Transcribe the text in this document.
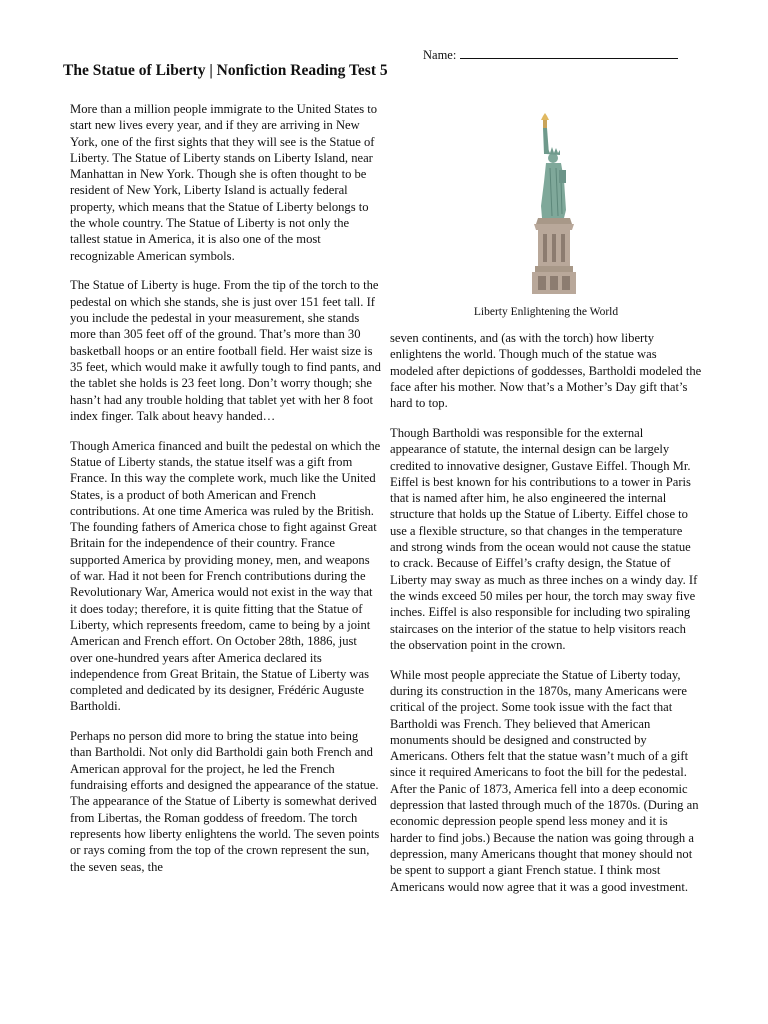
Name:
The Statue of Liberty | Nonfiction Reading Test 5

More than a million people immigrate to the United States to start new lives every year, and if they are arriving in New York, one of the first sights that they will see is the Statue of Liberty. The Statue of Liberty stands on Liberty Island, near Manhattan in New York. Though she is often thought to be resident of New York, Liberty Island is actually federal property, which means that the Statue of Liberty belongs to the whole country. The Statue of Liberty is not only the tallest statue in America, it is also one of the most recognizable American symbols.

The Statue of Liberty is huge. From the tip of the torch to the pedestal on which she stands, she is just over 151 feet tall. If you include the pedestal in your measurement, she stands more than 305 feet off of the ground. That’s more than 30 basketball hoops or an entire football field. Her waist size is 35 feet, which would make it awfully tough to find pants, and the tablet she holds is 23 feet long. Don’t worry though; she hasn’t had any trouble holding that tablet yet with her 8 foot index finger. Talk about heavy handed…

Though America financed and built the pedestal on which the Statue of Liberty stands, the statue itself was a gift from France. In this way the complete work, much like the United States, is a product of both American and French contributions. At one time America was ruled by the British. The founding fathers of America chose to fight against Great Britain for the independence of their country. France supported America by providing money, men, and weapons of war. Had it not been for French contributions during the Revolutionary War, America would not exist in the way that it does today; therefore, it is quite fitting that the Statue of Liberty, which represents freedom, came to being by a joint American and French effort. On October 28th, 1886, just over one-hundred years after America declared its independence from Great Britain, the Statue of Liberty was completed and dedicated by its designer, Frédéric Auguste Bartholdi.

Perhaps no person did more to bring the statue into being than Bartholdi. Not only did Bartholdi gain both French and American approval for the project, he led the French fundraising efforts and designed the appearance of the statue. The appearance of the Statue of Liberty is somewhat derived from Libertas, the Roman goddess of freedom. The torch represents how liberty enlightens the world. The seven points or rays coming from the top of the crown represent the sun, the seven seas, the

Liberty Enlightening the World

seven continents, and (as with the torch) how liberty enlightens the world. Though much of the statue was modeled after depictions of goddesses, Bartholdi modeled the face after his mother. Now that’s a Mother’s Day gift that’s hard to top.

Though Bartholdi was responsible for the external appearance of statute, the internal design can be largely credited to innovative designer, Gustave Eiffel. Though Mr. Eiffel is best known for his contributions to a tower in Paris that is named after him, he also engineered the internal structure that holds up the Statue of Liberty. Eiffel chose to use a flexible structure, so that changes in the temperature and strong winds from the ocean would not cause the statue to crack. Because of Eiffel’s crafty design, the Statue of Liberty may sway as much as three inches on a windy day. If the winds exceed 50 miles per hour, the torch may sway five inches. Eiffel is also responsible for including two spiraling staircases on the interior of the statue to help visitors reach the observation point in the crown.

While most people appreciate the Statue of Liberty today, during its construction in the 1870s, many Americans were critical of the project. Some took issue with the fact that Bartholdi was French. They believed that American monuments should be designed and constructed by Americans. Others felt that the statue wasn’t much of a gift since it required Americans to foot the bill for the pedestal. After the Panic of 1873, America fell into a deep economic depression that lasted through much of the 1870s. (During an economic depression people spend less money and it is harder to find jobs.) Because the nation was going through a depression, many Americans thought that money should not be spent to support a giant French statue. I think most Americans would now agree that it was a good investment.
